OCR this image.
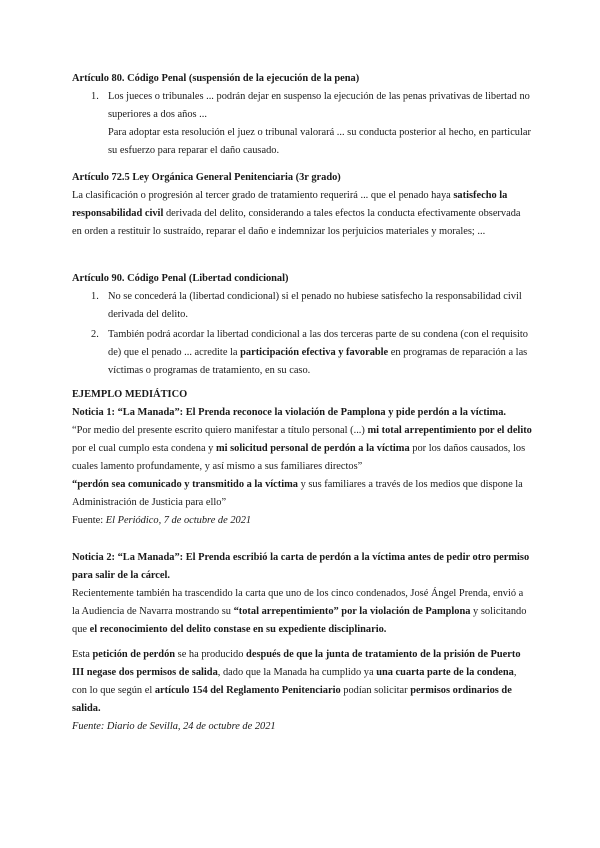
Artículo 80. Código Penal (suspensión de la ejecución de la pena)

1. Los jueces o tribunales ... podrán dejar en suspenso la ejecución de las penas privativas de libertad no superiores a dos años ...

Para adoptar esta resolución el juez o tribunal valorará ... su conducta posterior al hecho, en particular su esfuerzo para reparar el daño causado.

Artículo 72.5 Ley Orgánica General Penitenciaria (3r grado)

La clasificación o progresión al tercer grado de tratamiento requerirá ... que el penado haya satisfecho la responsabilidad civil derivada del delito, considerando a tales efectos la conducta efectivamente observada en orden a restituir lo sustraído, reparar el daño e indemnizar los perjuicios materiales y morales; ...

Artículo 90. Código Penal (Libertad condicional)

1. No se concederá la (libertad condicional) si el penado no hubiese satisfecho la responsabilidad civil derivada del delito.
2. También podrá acordar la libertad condicional a las dos terceras parte de su condena (con el requisito de) que el penado ... acredite la participación efectiva y favorable en programas de reparación a las víctimas o programas de tratamiento, en su caso.

EJEMPLO MEDIÁTICO

Noticia 1: “La Manada”: El Prenda reconoce la violación de Pamplona y pide perdón a la víctima.

“Por medio del presente escrito quiero manifestar a título personal (...) mi total arrepentimiento por el delito por el cual cumplo esta condena y mi solicitud personal de perdón a la víctima por los daños causados, los cuales lamento profundamente, y así mismo a sus familiares directos”

“perdón sea comunicado y transmitido a la víctima y sus familiares a través de los medios que dispone la Administración de Justicia para ello”

Fuente: El Periódico, 7 de octubre de 2021

Noticia 2: “La Manada”: El Prenda escribió la carta de perdón a la víctima antes de pedir otro permiso para salir de la cárcel.

Recientemente también ha trascendido la carta que uno de los cinco condenados, José Ángel Prenda, envió a la Audiencia de Navarra mostrando su “total arrepentimiento” por la violación de Pamplona y solicitando que el reconocimiento del delito constase en su expediente disciplinario.

Esta petición de perdón se ha producido después de que la junta de tratamiento de la prisión de Puerto III negase dos permisos de salida, dado que la Manada ha cumplido ya una cuarta parte de la condena, con lo que según el artículo 154 del Reglamento Penitenciario podían solicitar permisos ordinarios de salida.

Fuente: Diario de Sevilla, 24 de octubre de 2021
